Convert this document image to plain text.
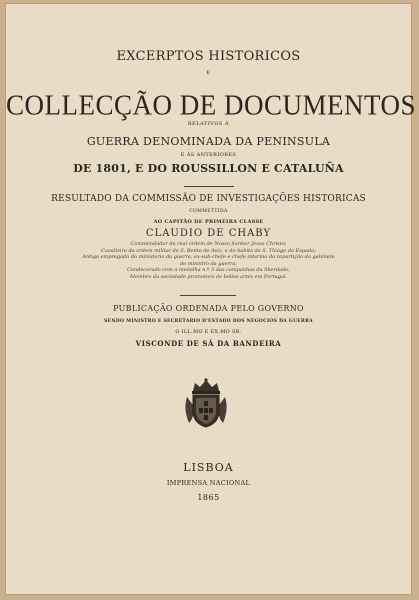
EXCERPTOS HISTORICOS
E
COLLECÇÃO DE DOCUMENTOS
RELATIVOS Á
GUERRA DENOMINADA DA PENINSULA
E ÁS ANTERIORES
DE 1801, E DO ROUSSILLON E CATALUÑA
RESULTADO DA COMMISSÃO DE INVESTIGAÇÕES HISTORICAS
COMMETTIDA
AO CAPITÃO DE PRIMEIRA CLASSE
CLAUDIO DE CHABY
Commendador da real ordem de Nosso Senhor Jesus Christo;
Cavalleiro da ordem militar de S. Bento de Aviz, e do habito de S. Thiago da Espada;
Antigo empregado do ministerio da guerra, ex-sub-chefe e chefe interino da repartição do gabinete
do ministro da guerra;
Condecorado com a medalha n.º 3 das campanhas da liberdade;
Membro da sociedade promotora de bellas artes em Portugal.
PUBLICAÇÃO ORDENADA PELO GOVERNO
SENDO MINISTRO E SECRETARIO D'ESTADO DOS NEGOCIOS DA GUERRA
O ILL.MO E EX.MO SR.
VISCONDE DE SÁ DA BANDEIRA
LISBOA
IMPRENSA NACIONAL
1865
